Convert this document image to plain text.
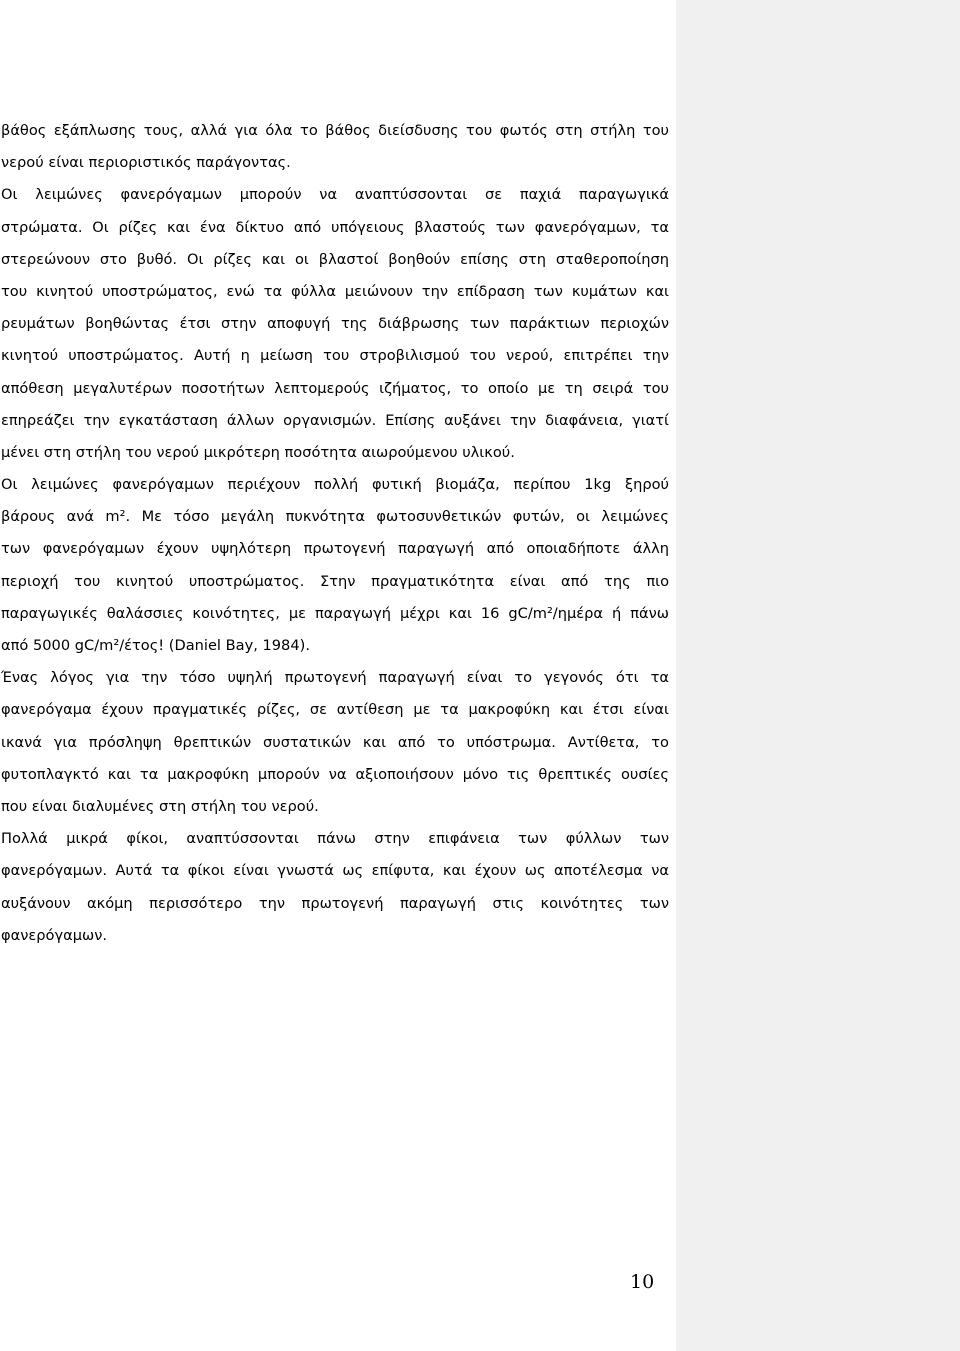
βάθος εξάπλωσης τους, αλλά για όλα το βάθος διείσδυσης του φωτός στη στήλη του
νερού είναι περιοριστικός παράγοντας.
Οι λειμώνες φανερόγαμων μπορούν να αναπτύσσονται σε παχιά παραγωγικά
στρώματα. Οι ρίζες και ένα δίκτυο από υπόγειους βλαστούς των φανερόγαμων, τα
στερεώνουν στο βυθό. Οι ρίζες και οι βλαστοί βοηθούν επίσης στη σταθεροποίηση
του κινητού υποστρώματος, ενώ τα φύλλα μειώνουν την επίδραση των κυμάτων και
ρευμάτων βοηθώντας έτσι στην αποφυγή της διάβρωσης των παράκτιων περιοχών
κινητού υποστρώματος. Αυτή η μείωση του στροβιλισμού του νερού, επιτρέπει την
απόθεση μεγαλυτέρων ποσοτήτων λεπτομερούς ιζήματος, το οποίο με τη σειρά του
επηρεάζει την εγκατάσταση άλλων οργανισμών. Επίσης αυξάνει την διαφάνεια, γιατί
μένει στη στήλη του νερού μικρότερη ποσότητα αιωρούμενου υλικού.
Οι λειμώνες φανερόγαμων περιέχουν πολλή φυτική βιομάζα, περίπου 1kg ξηρού
βάρους ανά m². Με τόσο μεγάλη πυκνότητα φωτοσυνθετικών φυτών, οι λειμώνες
των φανερόγαμων έχουν υψηλότερη πρωτογενή παραγωγή από οποιαδήποτε άλλη
περιοχή του κινητού υποστρώματος. Στην πραγματικότητα είναι από της πιο
παραγωγικές θαλάσσιες κοινότητες, με παραγωγή μέχρι και 16 gC/m²/ημέρα ή πάνω
από 5000 gC/m²/έτος! (Daniel Bay, 1984).
Ένας λόγος για την τόσο υψηλή πρωτογενή παραγωγή είναι το γεγονός ότι τα
φανερόγαμα έχουν πραγματικές ρίζες, σε αντίθεση με τα μακροφύκη και έτσι είναι
ικανά για πρόσληψη θρεπτικών συστατικών και από το υπόστρωμα. Αντίθετα, το
φυτοπλαγκτό και τα μακροφύκη μπορούν να αξιοποιήσουν μόνο τις θρεπτικές ουσίες
που είναι διαλυμένες στη στήλη του νερού.
Πολλά μικρά φίκοι, αναπτύσσονται πάνω στην επιφάνεια των φύλλων των
φανερόγαμων. Αυτά τα φίκοι είναι γνωστά ως επίφυτα, και έχουν ως αποτέλεσμα να
αυξάνουν ακόμη περισσότερο την πρωτογενή παραγωγή στις κοινότητες των
φανερόγαμων.
10
